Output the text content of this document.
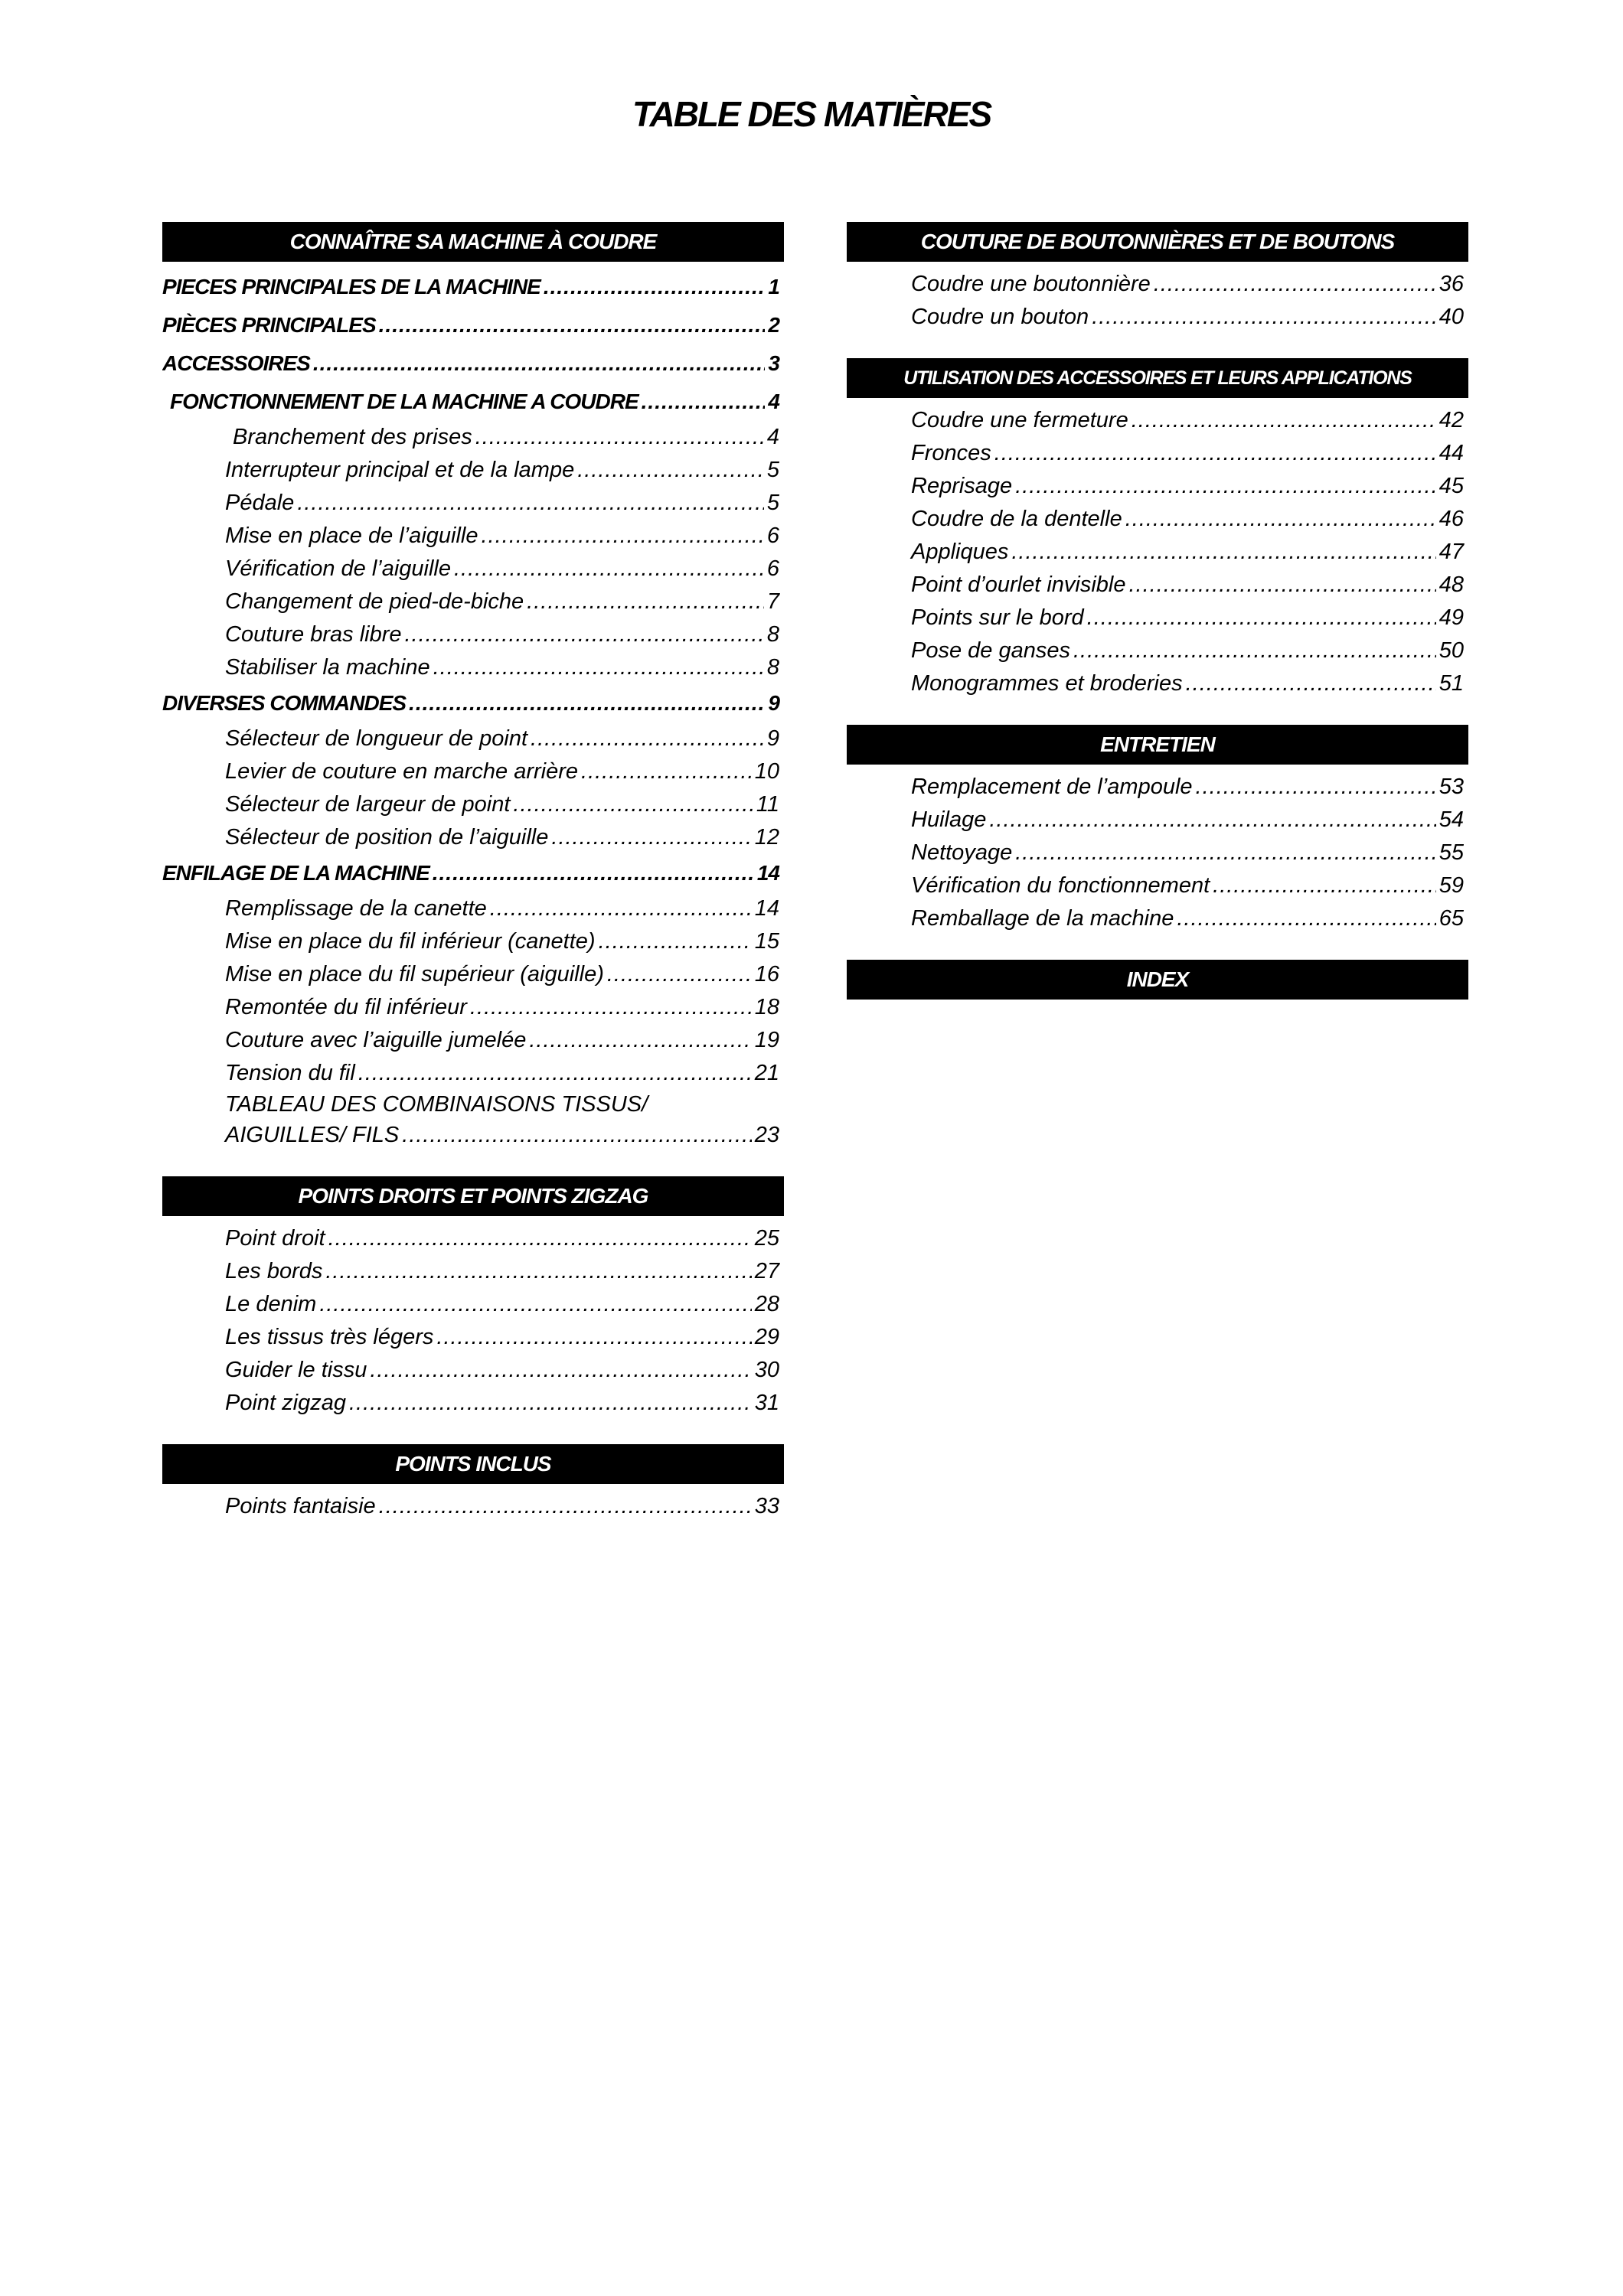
TABLE DES MATIÈRES
CONNAÎTRE SA MACHINE À COUDRE
PIECES PRINCIPALES DE LA MACHINE .....	1
PIÈCES PRINCIPALES .....	2
ACCESSOIRES .....	3
FONCTIONNEMENT DE LA MACHINE A COUDRE .....	4
Branchement des prises .....	4
Interrupteur principal et de la lampe .....	5
Pédale .....	5
Mise en place de l’aiguille .....	6
Vérification de l’aiguille .....	6
Changement de pied-de-biche .....	7
Couture bras libre .....	8
Stabiliser la machine .....	8
DIVERSES COMMANDES .....	9
Sélecteur de longueur de point .....	9
Levier de couture en marche arrière .....	10
Sélecteur de largeur de point .....	11
Sélecteur de position de l’aiguille .....	12
ENFILAGE DE LA MACHINE .....	14
Remplissage de la canette .....	14
Mise en place du fil inférieur (canette) .....	15
Mise en place du fil supérieur (aiguille) .....	16
Remontée du fil inférieur .....	18
Couture avec l’aiguille jumelée .....	19
Tension du fil .....	21
TABLEAU DES COMBINAISONS TISSUS/
AIGUILLES/ FILS .....	23
POINTS DROITS ET POINTS ZIGZAG
Point droit .....	25
Les bords .....	27
Le denim .....	28
Les tissus très légers .....	29
Guider le tissu .....	30
Point zigzag .....	31
POINTS INCLUS
Points fantaisie .....	33
COUTURE DE BOUTONNIÈRES ET DE BOUTONS
Coudre une boutonnière .....	36
Coudre un bouton .....	40
UTILISATION DES ACCESSOIRES ET LEURS APPLICATIONS
Coudre une fermeture .....	42
Fronces .....	44
Reprisage .....	45
Coudre de la dentelle .....	46
Appliques .....	47
Point d’ourlet invisible .....	48
Points sur le bord .....	49
Pose de ganses .....	50
Monogrammes et broderies .....	51
ENTRETIEN
Remplacement de l’ampoule .....	53
Huilage .....	54
Nettoyage .....	55
Vérification du fonctionnement .....	59
Remballage de la machine .....	65
INDEX
